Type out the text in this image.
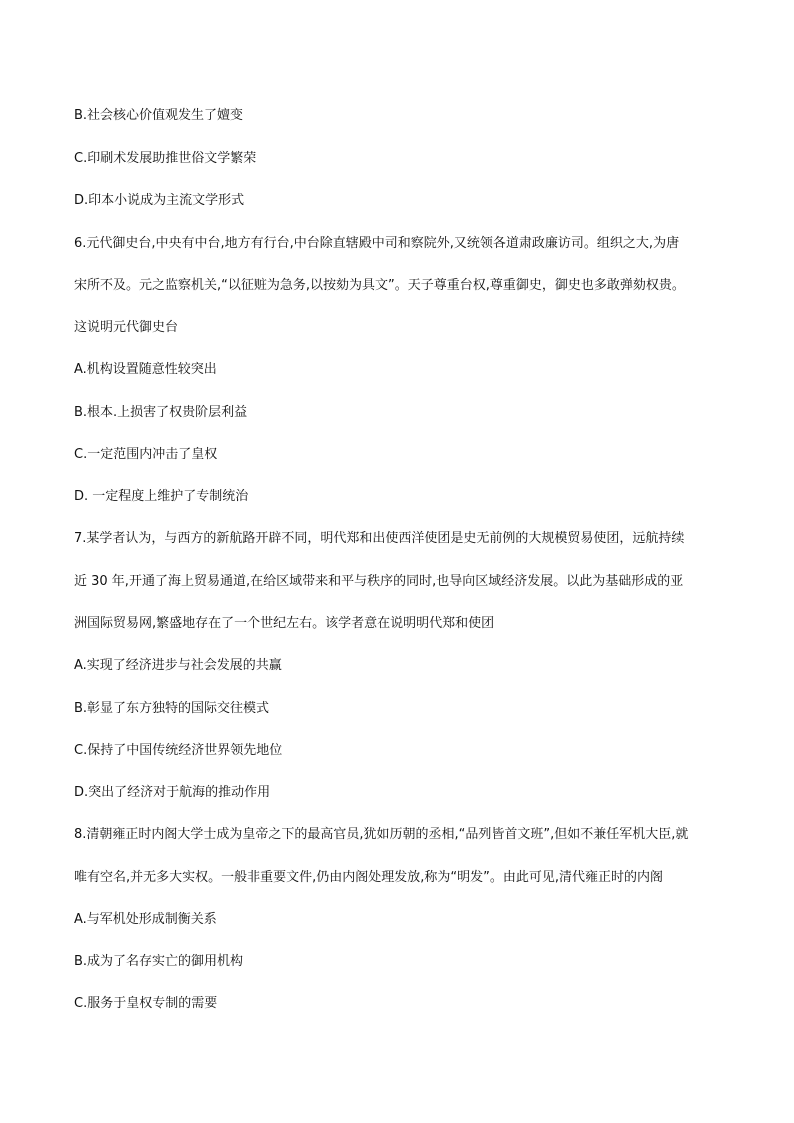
B.社会核心价值观发生了嬗变
C.印刷术发展助推世俗文学繁荣
D.印本小说成为主流文学形式
6.元代御史台,中央有中台,地方有行台,中台除直辖殿中司和察院外,又统领各道肃政廉访司。组织之大,为唐
宋所不及。元之监察机关,“以征赃为急务,以按劾为具文”。天子尊重台权,尊重御史，御史也多敢弹劾权贵。
这说明元代御史台
A.机构设置随意性较突出
B.根本.上损害了权贵阶层利益
C.一定范围内冲击了皇权
D. 一定程度上维护了专制统治
7.某学者认为，与西方的新航路开辟不同，明代郑和出使西洋使团是史无前例的大规模贸易使团，远航持续
近 30 年,开通了海上贸易通道,在给区域带来和平与秩序的同时,也导向区域经济发展。以此为基础形成的亚
洲国际贸易网,繁盛地存在了一个世纪左右。该学者意在说明明代郑和使团
A.实现了经济进步与社会发展的共赢
B.彰显了东方独特的国际交往模式
C.保持了中国传统经济世界领先地位
D.突出了经济对于航海的推动作用
8.清朝雍正时内阁大学士成为皇帝之下的最高官员,犹如历朝的丞相,“品列皆首文班”,但如不兼任军机大臣,就
唯有空名,并无多大实权。一般非重要文件,仍由内阁处理发放,称为“明发”。由此可见,清代雍正时的内阁
A.与军机处形成制衡关系
B.成为了名存实亡的御用机构
C.服务于皇权专制的需要
